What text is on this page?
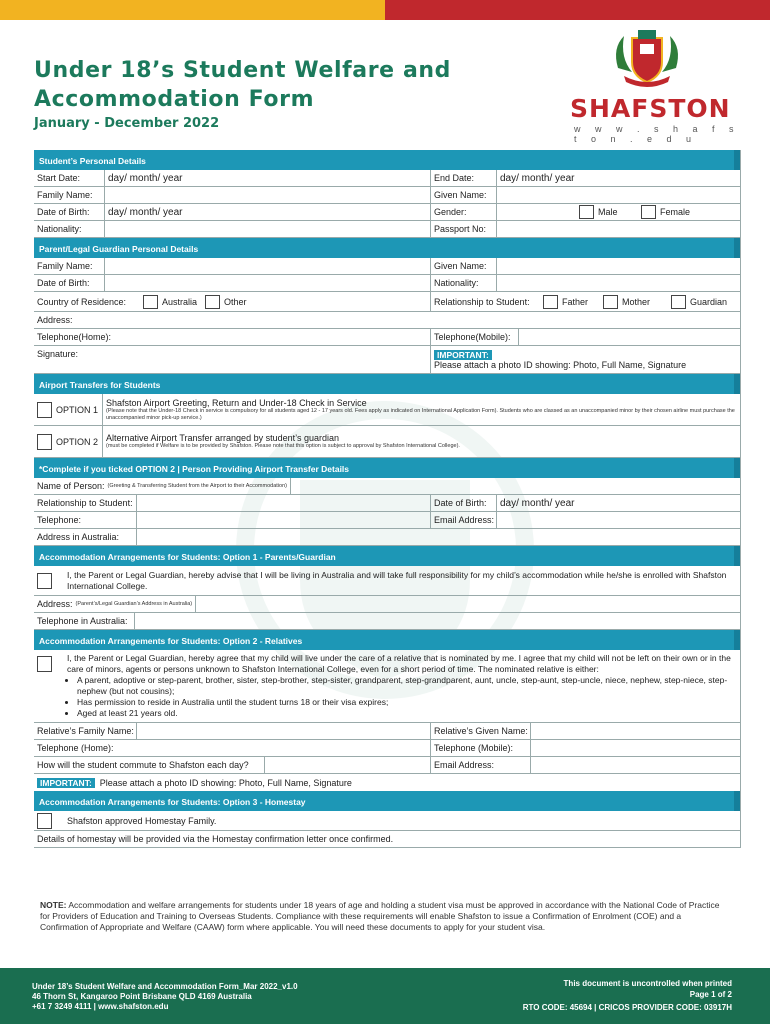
Under 18’s Student Welfare and
Accommodation Form
January - December 2022
SHAFSTON
w w w . s h a f s t o n . e d u
Student’s Personal Details
Start Date:	day/ month/ year	End Date:	day/ month/ year
Family Name:	Given Name:
Date of Birth: day/ month/ year	Gender:	Male	Female
Nationality:	Passport No:
Parent/Legal Guardian Personal Details
Family Name:	Given Name:
Date of Birth:	Nationality:
Country of Residence:	Australia	Other	Relationship to Student:	Father	Mother	Guardian
Address:
Telephone(Home):	Telephone(Mobile):
Signature:	IMPORTANT:
Please attach a photo ID showing: Photo, Full Name, Signature
Airport Transfers for Students
OPTION 1
Shafston Airport Greeting, Return and Under-18 Check in Service
(Please note that the Under-18 Check in service is compulsory for all students aged 12 - 17 years old. Fees apply as indicated on International Application Form). Students who are classed as an unaccompanied minor by their chosen airline must purchase the unaccompanied minor pick-up service.)
OPTION 2 Alternative Airport Transfer arranged by student’s guardian
(must be completed if Welfare is to be provided by Shafston. Please note that this option is subject to approval by Shafston International College).
*Complete if you ticked OPTION 2 | Person Providing Airport Transfer Details
Name of Person: (Greeting & Transferring Student from the Airport to their Accommodation)
Relationship to Student:	Date of Birth: day/ month/ year
Telephone:	Email Address:
Address in Australia:
Accommodation Arrangements for Students: Option 1 - Parents/Guardian
I, the Parent or Legal Guardian, hereby advise that I will be living in Australia and will take full responsibility for my child’s accommodation while he/she is enrolled with Shafston International College.
Address: (Parent’s/Legal Guardian’s Address in Australia)
Telephone in Australia:
Accommodation Arrangements for Students: Option 2 - Relatives
I, the Parent or Legal Guardian, hereby agree that my child will live under the care of a relative that is nominated by me. I agree that my child will not be left on their own or in the care of minors, agents or persons unknown to Shafston International College, even for a short period of time. The nominated relative is either:
• A parent, adoptive or step-parent, brother, sister, step-brother, step-sister, grandparent, step-grandparent, aunt, uncle, step-aunt, step-uncle, niece, nephew, step-niece, step-nephew (but not cousins);
• Has permission to reside in Australia until the student turns 18 or their visa expires;
• Aged at least 21 years old.
Relative’s Family Name:	Relative’s Given Name:
Telephone (Home):	Telephone (Mobile):
How will the student commute to Shafston each day?	Email Address:
IMPORTANT: Please attach a photo ID showing: Photo, Full Name, Signature
Accommodation Arrangements for Students: Option 3 - Homestay
Shafston approved Homestay Family.
Details of homestay will be provided via the Homestay confirmation letter once confirmed.
NOTE: Accommodation and welfare arrangements for students under 18 years of age and holding a student visa must be approved in accordance with the National Code of Practice for Providers of Education and Training to Overseas Students. Compliance with these requirements will enable Shafston to issue a Confirmation of Enrolment (COE) and a Confirmation of Appropriate and Welfare (CAAW) form where applicable. You will need these documents to apply for your student visa.
Under 18’s Student Welfare and Accommodation Form_Mar 2022_v1.0
46 Thorn St, Kangaroo Point Brisbane QLD 4169 Australia
+61 7 3249 4111 | www.shafston.edu
This document is uncontrolled when printed
Page 1 of 2
RTO CODE: 45694 | CRICOS PROVIDER CODE: 03917H
